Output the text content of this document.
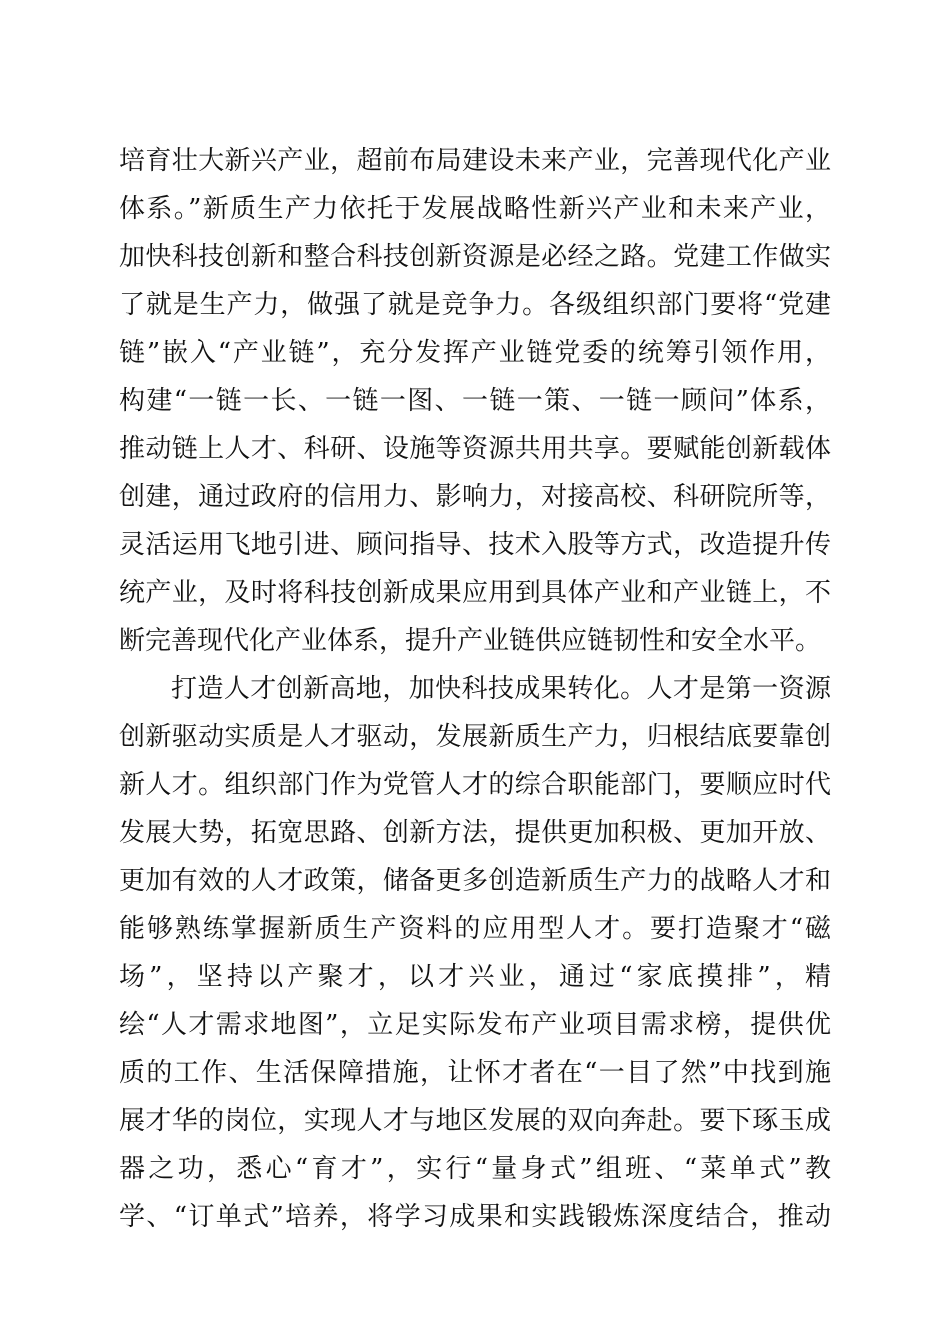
培育壮大新兴产业，超前布局建设未来产业，完善现代化产业
体系。”新质生产力依托于发展战略性新兴产业和未来产业，
加快科技创新和整合科技创新资源是必经之路。党建工作做实
了就是生产力，做强了就是竞争力。各级组织部门要将“党建
链”嵌入“产业链”，充分发挥产业链党委的统筹引领作用，
构建“一链一长、一链一图、一链一策、一链一顾问”体系，
推动链上人才、科研、设施等资源共用共享。要赋能创新载体
创建，通过政府的信用力、影响力，对接高校、科研院所等，
灵活运用飞地引进、顾问指导、技术入股等方式，改造提升传
统产业，及时将科技创新成果应用到具体产业和产业链上，不
断完善现代化产业体系，提升产业链供应链韧性和安全水平。
打造人才创新高地，加快科技成果转化。人才是第一资源
创新驱动实质是人才驱动，发展新质生产力，归根结底要靠创
新人才。组织部门作为党管人才的综合职能部门，要顺应时代
发展大势，拓宽思路、创新方法，提供更加积极、更加开放、
更加有效的人才政策，储备更多创造新质生产力的战略人才和
能够熟练掌握新质生产资料的应用型人才。要打造聚才“磁
场”，坚持以产聚才，以才兴业，通过“家底摸排”，精
绘“人才需求地图”，立足实际发布产业项目需求榜，提供优
质的工作、生活保障措施，让怀才者在“一目了然”中找到施
展才华的岗位，实现人才与地区发展的双向奔赴。要下琢玉成
器之功，悉心“育才”，实行“量身式”组班、“菜单式”教
学、“订单式”培养，将学习成果和实践锻炼深度结合，推动
